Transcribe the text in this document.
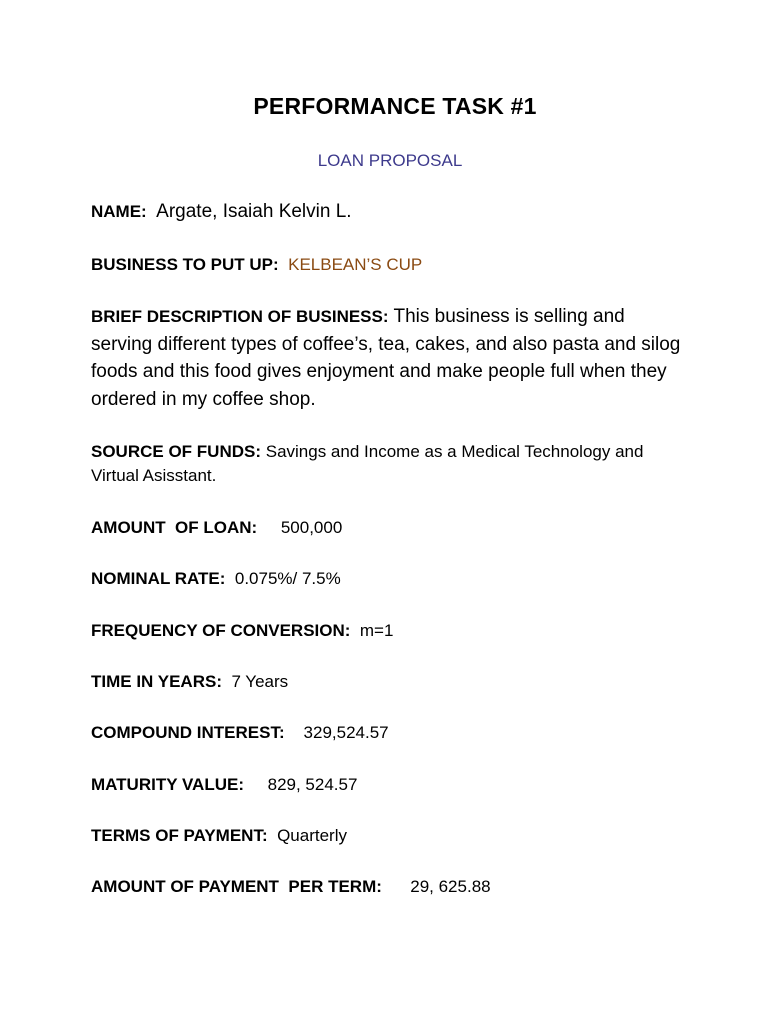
PERFORMANCE TASK #1
LOAN PROPOSAL
NAME: Argate, Isaiah Kelvin L.
BUSINESS TO PUT UP: KELBEAN’S CUP
BRIEF DESCRIPTION OF BUSINESS: This business is selling and serving different types of coffee’s, tea, cakes, and also pasta and silog foods and this food gives enjoyment and make people full when they ordered in my coffee shop.
SOURCE OF FUNDS: Savings and Income as a Medical Technology and Virtual Asisstant.
AMOUNT  OF LOAN: 500,000
NOMINAL RATE: 0.075%/ 7.5%
FREQUENCY OF CONVERSION: m=1
TIME IN YEARS: 7 Years
COMPOUND INTEREST: 329,524.57
MATURITY VALUE: 829, 524.57
TERMS OF PAYMENT: Quarterly
AMOUNT OF PAYMENT  PER TERM: 29, 625.88
